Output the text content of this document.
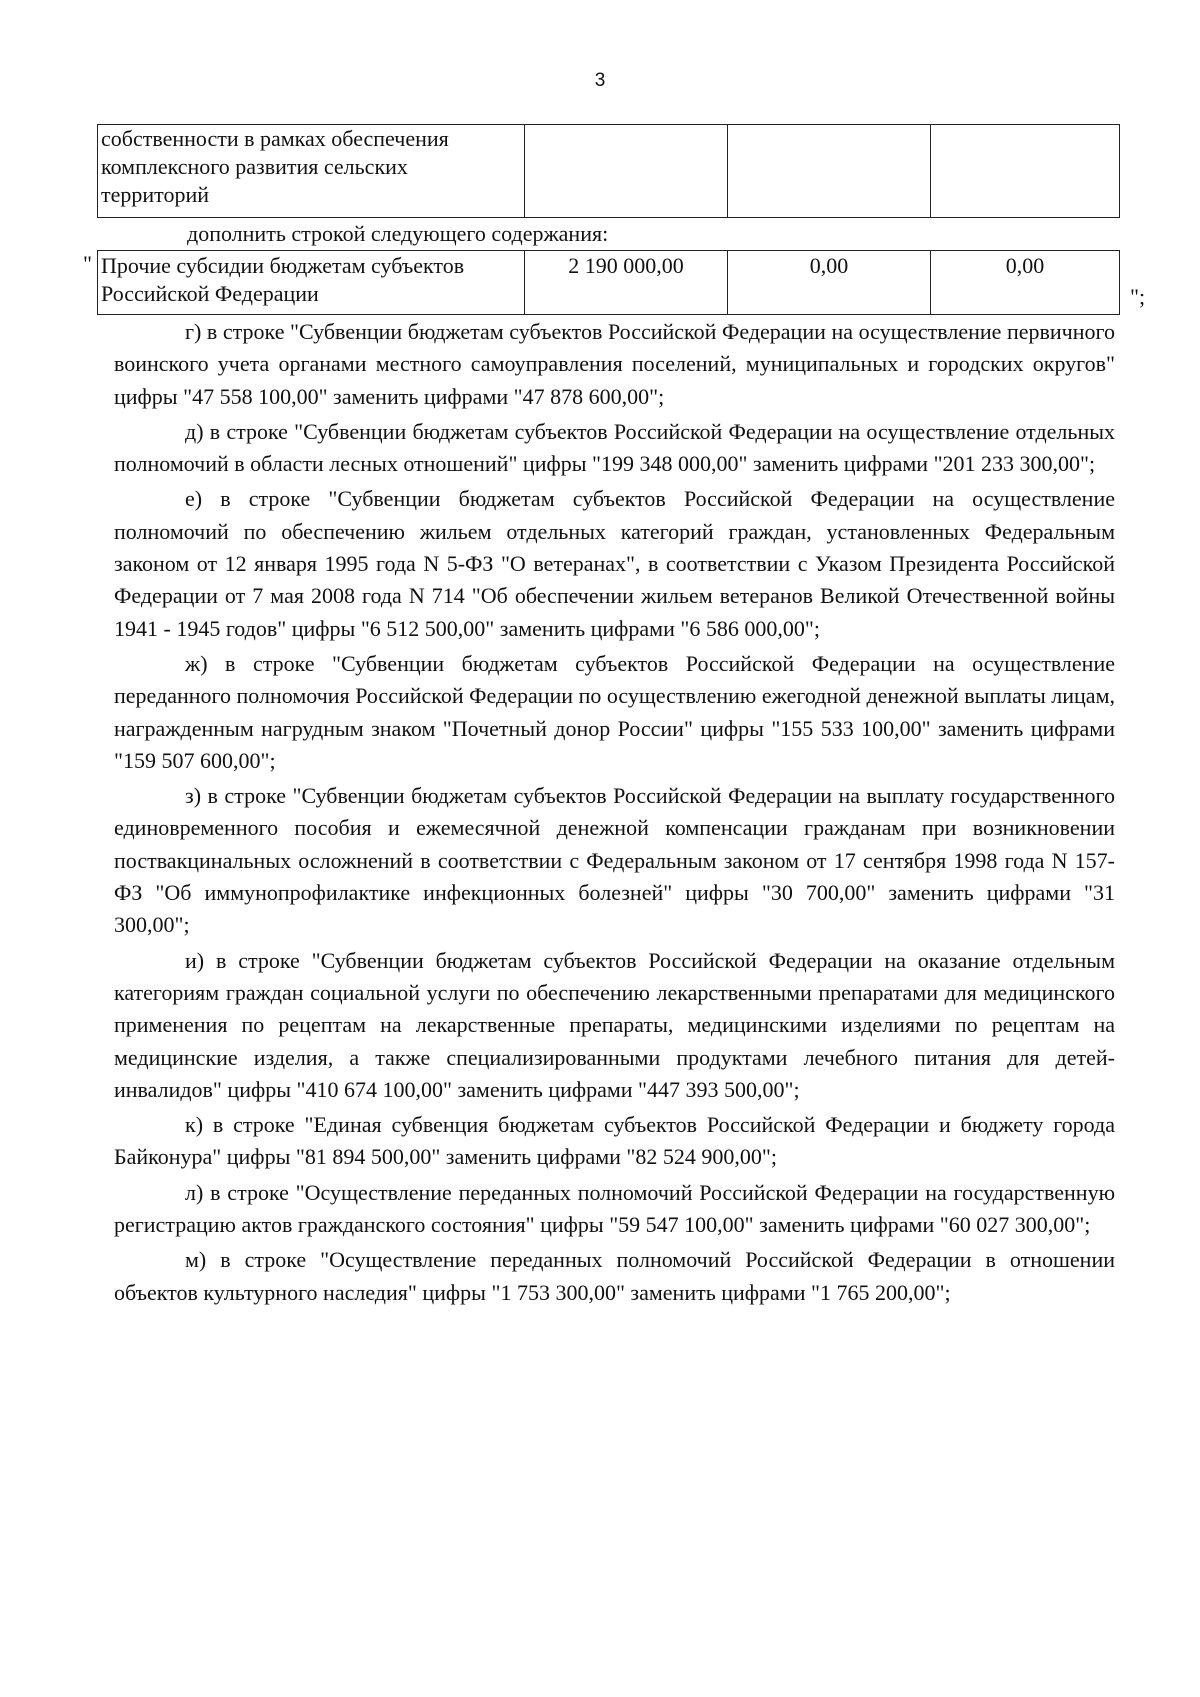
3
собственности в рамках обеспечения комплексного развития сельских территорий			
дополнить строкой следующего содержания:
" Прочие субсидии бюджетам субъектов Российской Федерации	2 190 000,00	0,00	0,00
";

г) в строке "Субвенции бюджетам субъектов Российской Федерации на осуществление первичного воинского учета органами местного самоуправления поселений, муниципальных и городских округов" цифры "47 558 100,00" заменить цифрами "47 878 600,00";

д) в строке "Субвенции бюджетам субъектов Российской Федерации на осуществление отдельных полномочий в области лесных отношений" цифры "199 348 000,00" заменить цифрами "201 233 300,00";

е) в строке "Субвенции бюджетам субъектов Российской Федерации на осуществление полномочий по обеспечению жильем отдельных категорий граждан, установленных Федеральным законом от 12 января 1995 года N 5-ФЗ "О ветеранах", в соответствии с Указом Президента Российской Федерации от 7 мая 2008 года N 714 "Об обеспечении жильем ветеранов Великой Отечественной войны 1941 - 1945 годов" цифры "6 512 500,00" заменить цифрами "6 586 000,00";

ж) в строке "Субвенции бюджетам субъектов Российской Федерации на осуществление переданного полномочия Российской Федерации по осуществлению ежегодной денежной выплаты лицам, награжденным нагрудным знаком "Почетный донор России" цифры "155 533 100,00" заменить цифрами "159 507 600,00";

з) в строке "Субвенции бюджетам субъектов Российской Федерации на выплату государственного единовременного пособия и ежемесячной денежной компенсации гражданам при возникновении поствакцинальных осложнений в соответствии с Федеральным законом от 17 сентября 1998 года N 157-ФЗ "Об иммунопрофилактике инфекционных болезней" цифры "30 700,00" заменить цифрами "31 300,00";

и) в строке "Субвенции бюджетам субъектов Российской Федерации на оказание отдельным категориям граждан социальной услуги по обеспечению лекарственными препаратами для медицинского применения по рецептам на лекарственные препараты, медицинскими изделиями по рецептам на медицинские изделия, а также специализированными продуктами лечебного питания для детей-инвалидов" цифры "410 674 100,00" заменить цифрами "447 393 500,00";

к) в строке "Единая субвенция бюджетам субъектов Российской Федерации и бюджету города Байконура" цифры "81 894 500,00" заменить цифрами "82 524 900,00";

л) в строке "Осуществление переданных полномочий Российской Федерации на государственную регистрацию актов гражданского состояния" цифры "59 547 100,00" заменить цифрами "60 027 300,00";

м) в строке "Осуществление переданных полномочий Российской Федерации в отношении объектов культурного наследия" цифры "1 753 300,00" заменить цифрами "1 765 200,00";
